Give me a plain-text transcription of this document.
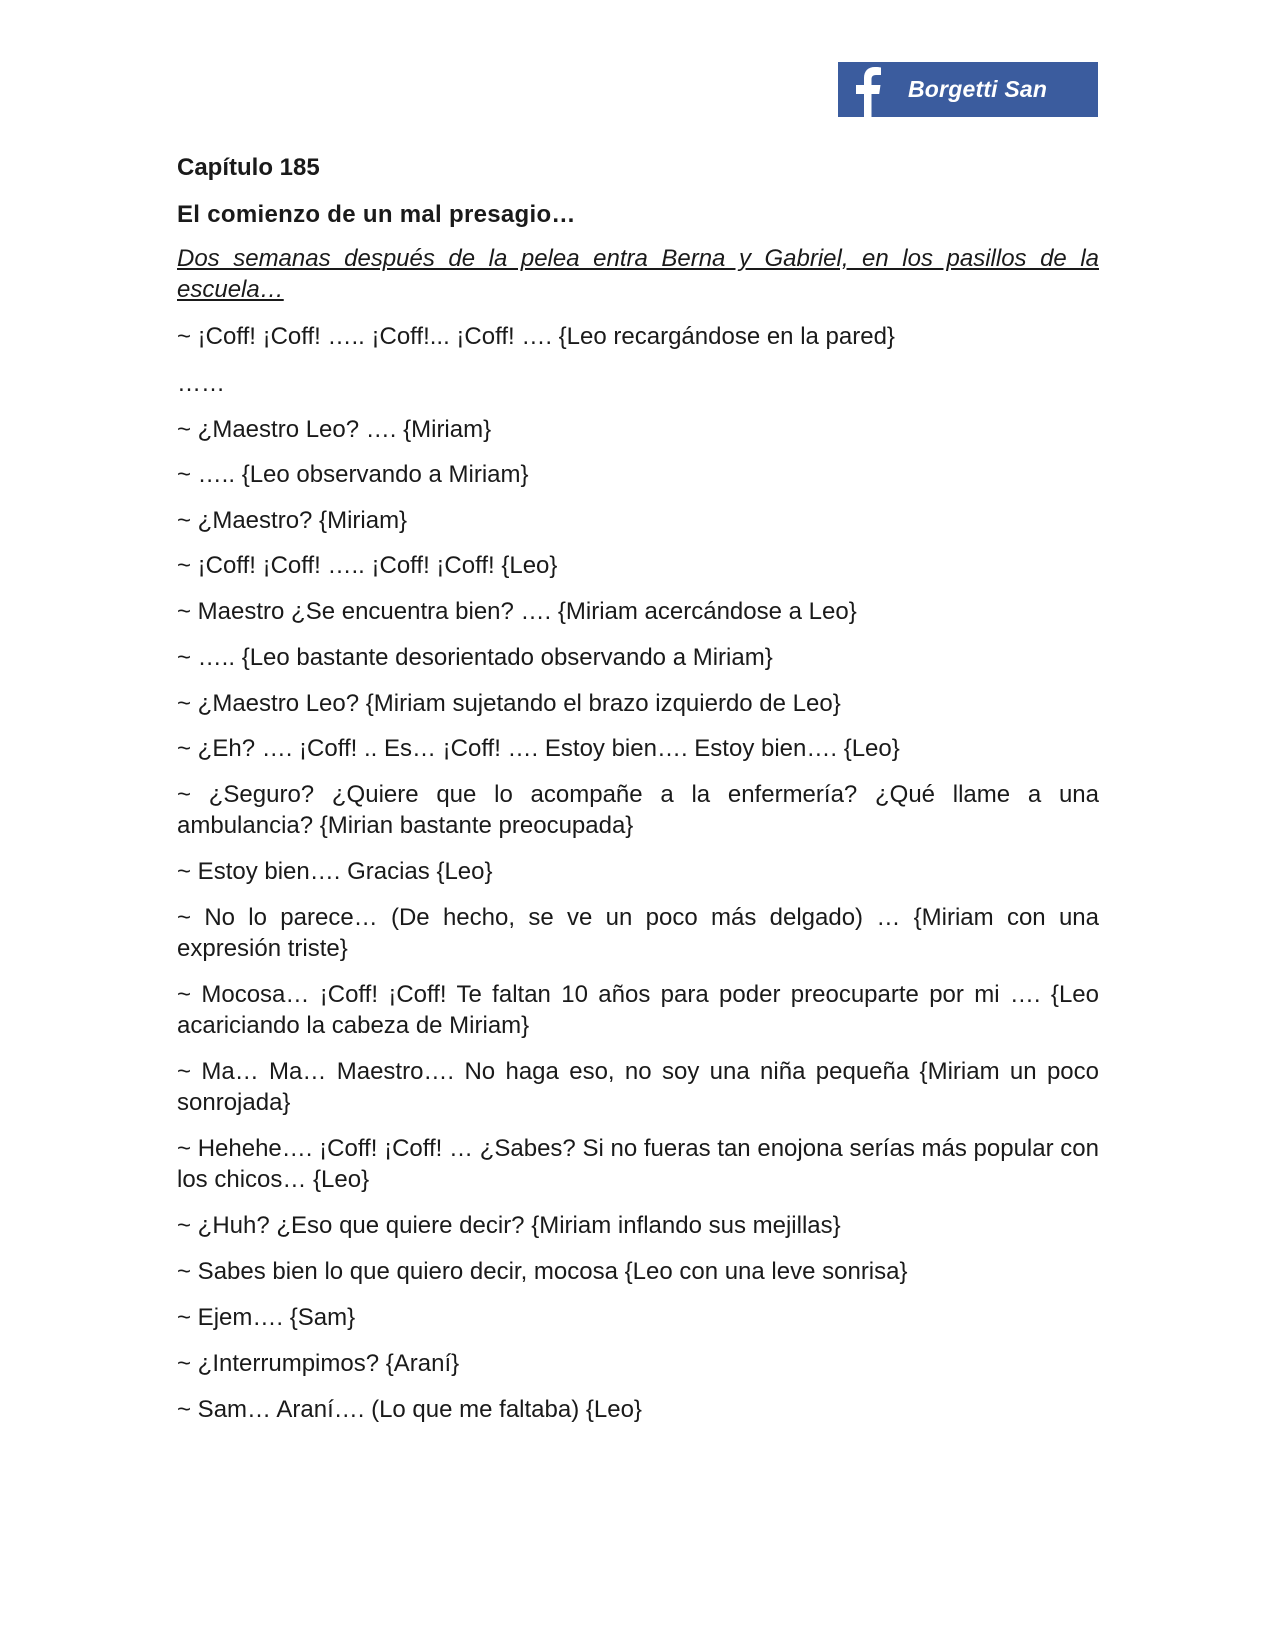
Borgetti San
Capítulo 185
El comienzo de un mal presagio…
Dos semanas después de la pelea entra Berna y Gabriel, en los pasillos de la escuela…

~ ¡Coff! ¡Coff! ….. ¡Coff!... ¡Coff! …. {Leo recargándose en la pared}

……

~ ¿Maestro Leo? …. {Miriam}

~ ….. {Leo observando a Miriam}

~ ¿Maestro? {Miriam}

~ ¡Coff! ¡Coff! ….. ¡Coff! ¡Coff! {Leo}

~ Maestro ¿Se encuentra bien? …. {Miriam acercándose a Leo}

~ ….. {Leo bastante desorientado observando a Miriam}

~ ¿Maestro Leo? {Miriam sujetando el brazo izquierdo de Leo}

~ ¿Eh? …. ¡Coff! .. Es… ¡Coff! …. Estoy bien…. Estoy bien…. {Leo}

~ ¿Seguro? ¿Quiere que lo acompañe a la enfermería? ¿Qué llame a una ambulancia? {Mirian bastante preocupada}

~ Estoy bien…. Gracias {Leo}

~ No lo parece… (De hecho, se ve un poco más delgado) … {Miriam con una expresión triste}

~ Mocosa… ¡Coff! ¡Coff! Te faltan 10 años para poder preocuparte por mi …. {Leo acariciando la cabeza de Miriam}

~ Ma… Ma… Maestro…. No haga eso, no soy una niña pequeña {Miriam un poco sonrojada}

~ Hehehe…. ¡Coff! ¡Coff! … ¿Sabes? Si no fueras tan enojona serías más popular con los chicos… {Leo}

~ ¿Huh? ¿Eso que quiere decir? {Miriam inflando sus mejillas}

~ Sabes bien lo que quiero decir, mocosa {Leo con una leve sonrisa}

~ Ejem…. {Sam}

~ ¿Interrumpimos? {Araní}

~ Sam… Araní…. (Lo que me faltaba) {Leo}
